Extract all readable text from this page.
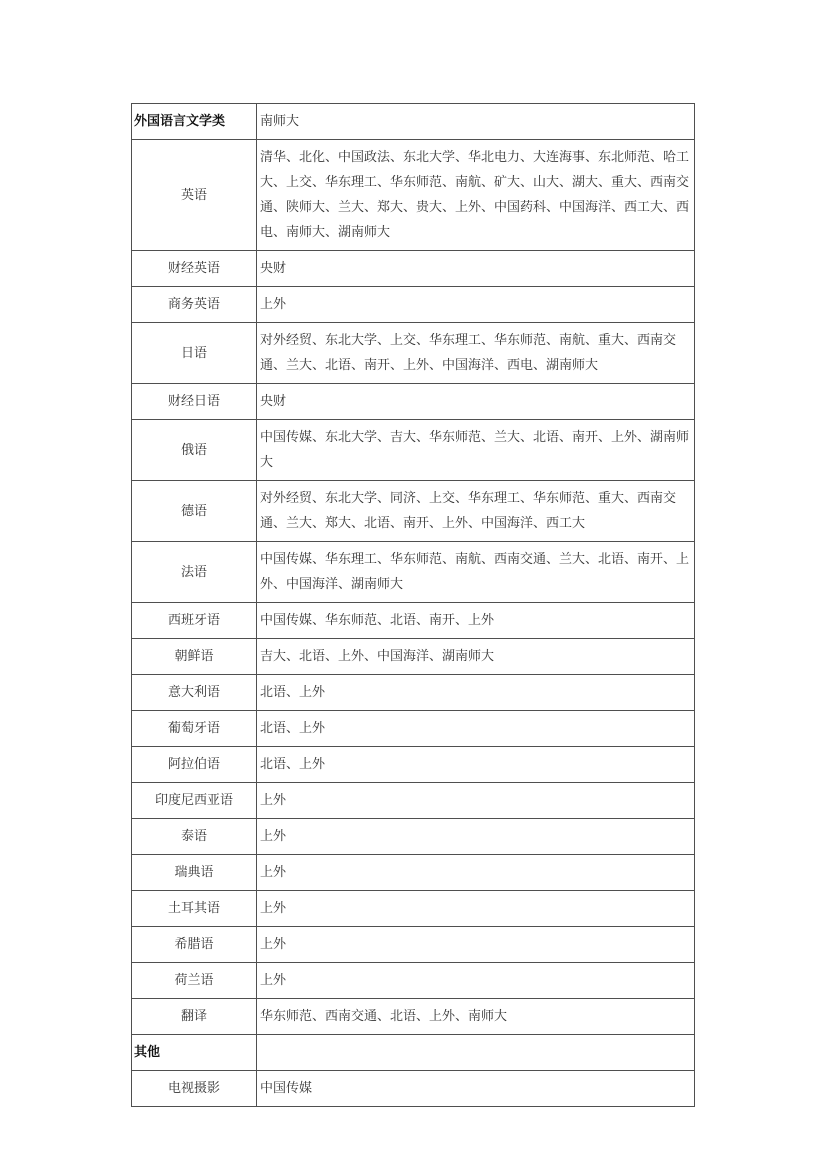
外国语言文学类	南师大
英语	清华、北化、中国政法、东北大学、华北电力、大连海事、东北师范、哈工大、上交、华东理工、华东师范、南航、矿大、山大、湖大、重大、西南交通、陕师大、兰大、郑大、贵大、上外、中国药科、中国海洋、西工大、西电、南师大、湖南师大
财经英语	央财
商务英语	上外
日语	对外经贸、东北大学、上交、华东理工、华东师范、南航、重大、西南交通、兰大、北语、南开、上外、中国海洋、西电、湖南师大
财经日语	央财
俄语	中国传媒、东北大学、吉大、华东师范、兰大、北语、南开、上外、湖南师大
德语	对外经贸、东北大学、同济、上交、华东理工、华东师范、重大、西南交通、兰大、郑大、北语、南开、上外、中国海洋、西工大
法语	中国传媒、华东理工、华东师范、南航、西南交通、兰大、北语、南开、上外、中国海洋、湖南师大
西班牙语	中国传媒、华东师范、北语、南开、上外
朝鲜语	吉大、北语、上外、中国海洋、湖南师大
意大利语	北语、上外
葡萄牙语	北语、上外
阿拉伯语	北语、上外
印度尼西亚语	上外
泰语	上外
瑞典语	上外
土耳其语	上外
希腊语	上外
荷兰语	上外
翻译	华东师范、西南交通、北语、上外、南师大
其他	
电视摄影	中国传媒
